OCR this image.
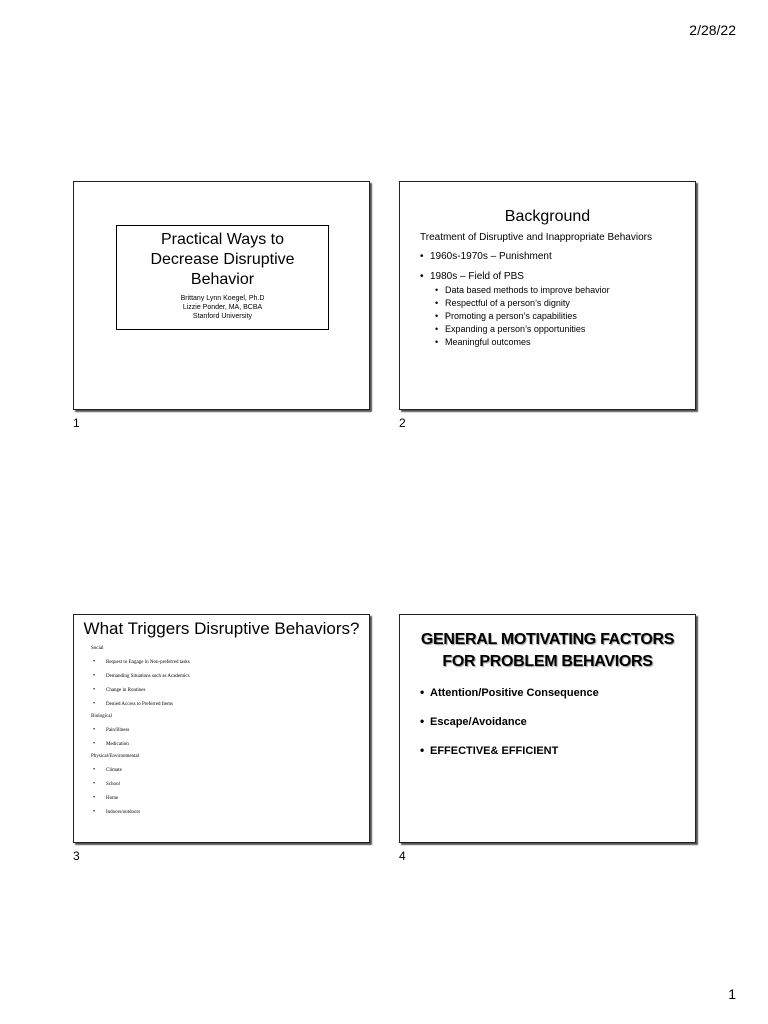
2/28/22
Practical Ways to Decrease Disruptive Behavior
Brittany Lynn Koegel, Ph.D
Lizzie Ponder, MA, BCBA
Stanford University
1
Background
Treatment of Disruptive and Inappropriate Behaviors
• 1960s-1970s – Punishment
• 1980s – Field of PBS
• Data based methods to improve behavior
• Respectful of a person’s dignity
• Promoting a person’s capabilities
• Expanding a person’s opportunities
• Meaningful outcomes
2
What Triggers Disruptive Behaviors?
Social
• Request to Engage in Non-preferred tasks
• Demanding Situations such as Academics
• Change in Routines
• Denied Access to Preferred Items
Biological
• Pain/Illness
• Medication
Physical/Environmental
• Climate
• School
• Home
• Indoors/outdoors
3
GENERAL MOTIVATING FACTORS
FOR PROBLEM BEHAVIORS
• Attention/Positive Consequence
• Escape/Avoidance
• EFFECTIVE& EFFICIENT
4
1
